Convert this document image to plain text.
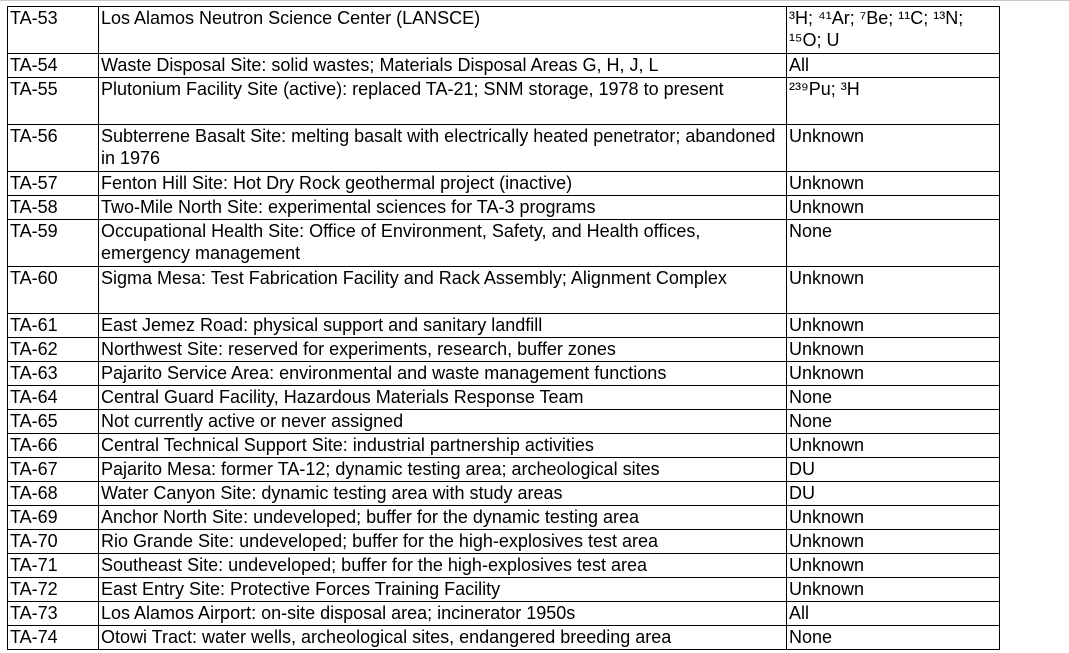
TA-53	Los Alamos Neutron Science Center (LANSCE)	³H; ⁴¹Ar; ⁷Be; ¹¹C; ¹³N; ¹⁵O; U
TA-54	Waste Disposal Site: solid wastes; Materials Disposal Areas G, H, J, L	All
TA-55	Plutonium Facility Site (active): replaced TA-21; SNM storage, 1978 to present	²³⁹Pu; ³H
TA-56	Subterrene Basalt Site: melting basalt with electrically heated penetrator; abandoned in 1976	Unknown
TA-57	Fenton Hill Site: Hot Dry Rock geothermal project (inactive)	Unknown
TA-58	Two-Mile North Site: experimental sciences for TA-3 programs	Unknown
TA-59	Occupational Health Site: Office of Environment, Safety, and Health offices, emergency management	None
TA-60	Sigma Mesa: Test Fabrication Facility and Rack Assembly; Alignment Complex	Unknown
TA-61	East Jemez Road: physical support and sanitary landfill	Unknown
TA-62	Northwest Site: reserved for experiments, research, buffer zones	Unknown
TA-63	Pajarito Service Area: environmental and waste management functions	Unknown
TA-64	Central Guard Facility, Hazardous Materials Response Team	None
TA-65	Not currently active or never assigned	None
TA-66	Central Technical Support Site: industrial partnership activities	Unknown
TA-67	Pajarito Mesa: former TA-12; dynamic testing area; archeological sites	DU
TA-68	Water Canyon Site: dynamic testing area with study areas	DU
TA-69	Anchor North Site: undeveloped; buffer for the dynamic testing area	Unknown
TA-70	Rio Grande Site: undeveloped; buffer for the high-explosives test area	Unknown
TA-71	Southeast Site: undeveloped; buffer for the high-explosives test area	Unknown
TA-72	East Entry Site: Protective Forces Training Facility	Unknown
TA-73	Los Alamos Airport: on-site disposal area; incinerator 1950s	All
TA-74	Otowi Tract: water wells, archeological sites, endangered breeding area	None
